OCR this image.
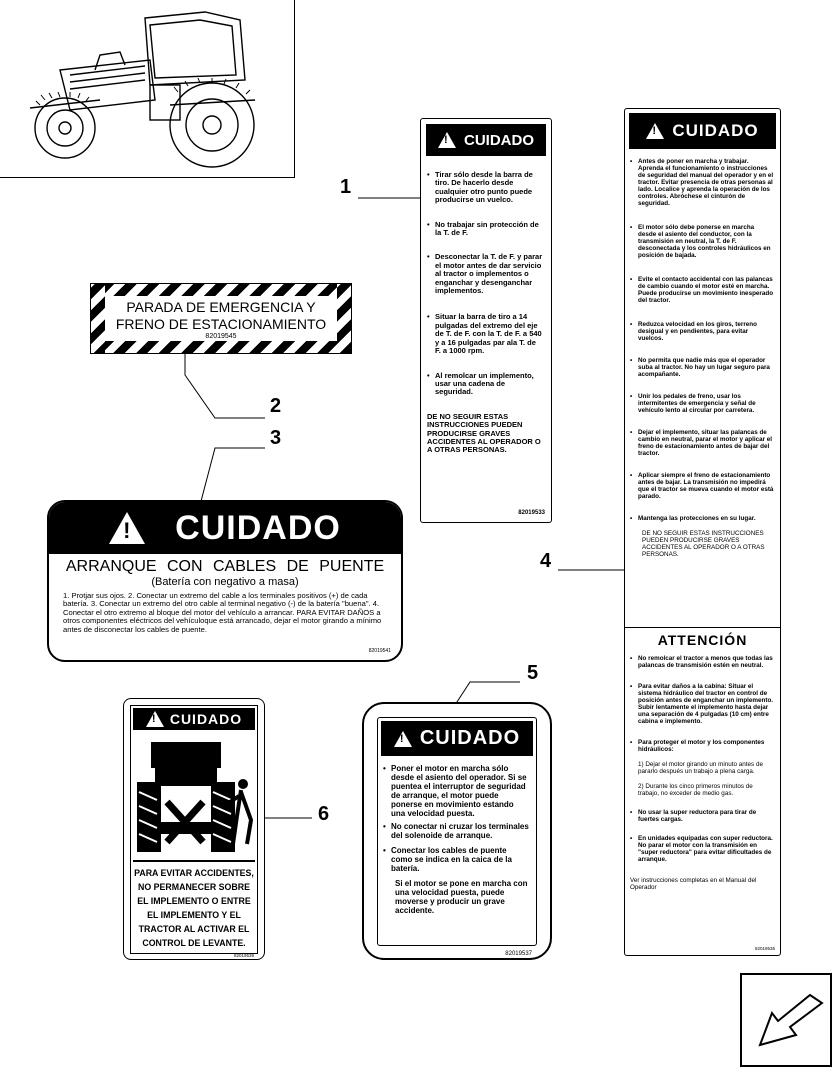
1
2
3
4
5
6
!
CUIDADO
• Tirar sólo desde la barra de tiro. De hacerlo desde cualquier otro punto puede producirse un vuelco.
• No trabajar sin protección de la T. de F.
• Desconectar la T. de F. y parar el motor antes de dar servicio al tractor o implementos o enganchar y desenganchar implementos.
• Situar la barra de tiro a 14 pulgadas del extremo del eje de T. de F. con la T. de F. a 540 y a 16 pulgadas par ala T. de F. a 1000 rpm.
• Al remolcar un implemento, usar una cadena de seguridad.
DE NO SEGUIR ESTAS INSTRUCCIONES PUEDEN PRODUCIRSE GRAVES ACCIDENTES AL OPERADOR O A OTRAS PERSONAS.
82019533
PARADA DE EMERGENCIA Y
FRENO DE ESTACIONAMIENTO
82019545
! CUIDADO
ARRANQUE CON CABLES DE PUENTE
(Batería con negativo a masa)
1. Protjar sus ojos. 2. Conectar un extremo del cable a los terminales positivos (+) de cada batería. 3. Conectar un extremo del otro cable al terminal negativo (-) de la batería "buena". 4. Conectar el otro extremo al bloque del motor del vehículo a arrancar. PARA EVITAR DAÑOS a otros componentes eléctricos del vehículoque está arrancado, dejar el motor girando a mínimo antes de disconectar los cables de puente.
82019541
!
CUIDADO
• Antes de poner en marcha y trabajar. Aprenda el funcionamiento o instrucciones de seguridad del manual del operador y en el tractor. Evitar presencia de otras personas al lado. Localice y aprenda la operación de los controles. Abróchese el cinturón de seguridad.
• El motor sólo debe ponerse en marcha desde el asiento del conductor, con la transmisión en neutral, la T. de F. desconectada y los controles hidráulicos en posición de bajada.
• Evite el contacto accidental con las palancas de cambio cuando el motor esté en marcha. Puede producirse un movimiento inesperado del tractor.
• Reduzca velocidad en los giros, terreno desigual y en pendientes, para evitar vuelcos.
• No permita que nadie más que el operador suba al tractor. No hay un lugar seguro para acompañante.
• Unir los pedales de freno, usar los intermitentes de emergencia y señal de vehículo lento al circular por carretera.
• Dejar el implemento, situar las palancas de cambio en neutral, parar el motor y aplicar el freno de estacionamiento antes de bajar del tractor.
• Aplicar siempre el freno de estacionamiento antes de bajar. La transmisión no impedirá que el tractor se mueva cuando el motor está parado.
• Mantenga las protecciones en su lugar.
DE NO SEGUIR ESTAS INSTRUCCIONES PUEDEN PRODUCIRSE GRAVES ACCIDENTES AL OPERADOR O A OTRAS PERSONAS.
ATTENCIÓN
• No remolcar el tractor a menos que todas las palancas de transmisión estén en neutral.
• Para evitar daños a la cabina: Situar el sistema hidráulico del tractor en control de posición antes de enganchar un implemento. Subir lentamente el implemento hasta dejar una separación de 4 pulgadas (10 cm) entre cabina e implemento.
• Para proteger el motor y los componentes hidráulicos:
1) Dejar el motor girando un minuto antes de pararlo después un trabajo a plena carga.
2) Durante los cinco primeros minutos de trabajo, no exceder de medio gas.
• No usar la super reductora para tirar de fuertes cargas.
• En unidades equipadas con super reductora. No parar el motor con la transmisión en "super reductora" para evitar dificultades de arranque.
Ver instrucciones completas en el Manual del Operador
82019535
!
CUIDADO
• Poner el motor en marcha sólo desde el asiento del operador. Si se puentea el interruptor de seguridad de arranque, el motor puede ponerse en movimiento estando una velocidad puesta.
• No conectar ni cruzar los terminales del solenoide de arranque.
• Conectar los cables de puente como se indica en la caica de la batería.
Si el motor se pone en marcha con una velocidad puesta, puede moverse y producir un grave accidente.
82019537
!
CUIDADO
PARA EVITAR ACCIDENTES, NO PERMANECER SOBRE EL IMPLEMENTO O ENTRE EL IMPLEMENTO Y EL TRACTOR AL ACTIVAR EL CONTROL DE LEVANTE.
82019539
